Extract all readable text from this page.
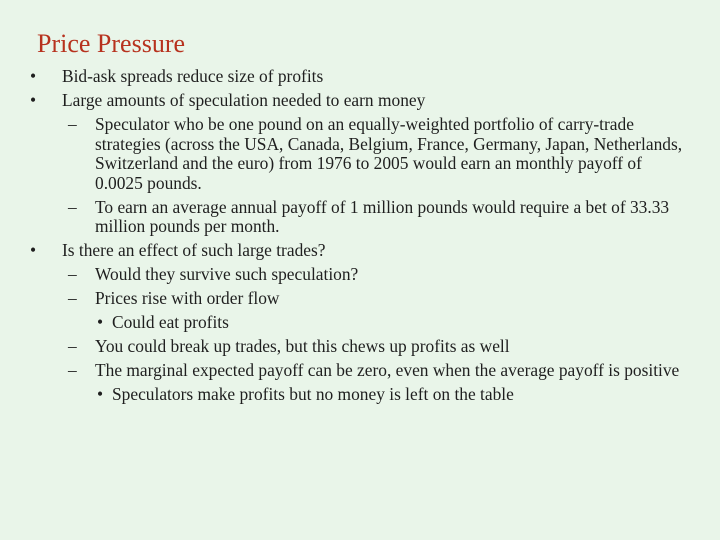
Price Pressure
• Bid-ask spreads reduce size of profits
• Large amounts of speculation needed to earn money
– Speculator who be one pound on an equally-weighted portfolio of carry-trade strategies (across the USA, Canada, Belgium, France, Germany, Japan, Netherlands, Switzerland and the euro) from 1976 to 2005 would earn an monthly payoff of 0.0025 pounds.
– To earn an average annual payoff of 1 million pounds would require a bet of 33.33 million pounds per month.
• Is there an effect of such large trades?
– Would they survive such speculation?
– Prices rise with order flow
• Could eat profits
– You could break up trades, but this chews up profits as well
– The marginal expected payoff can be zero, even when the average payoff is positive
• Speculators make profits but no money is left on the table
